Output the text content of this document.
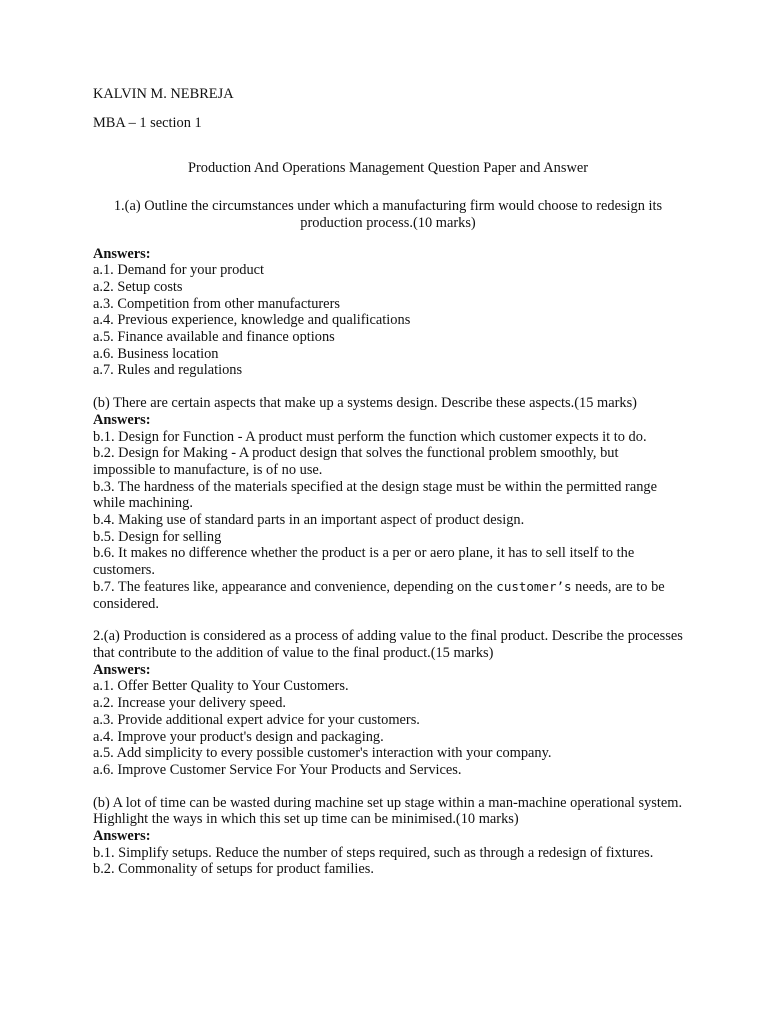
KALVIN M. NEBREJA
MBA – 1 section 1
Production And Operations Management Question Paper and Answer
1.(a) Outline the circumstances under which a manufacturing firm would choose to redesign its production process.(10 marks)
Answers:
a.1. Demand for your product
a.2. Setup costs
a.3. Competition from other manufacturers
a.4. Previous experience, knowledge and qualifications
a.5. Finance available and finance options
a.6. Business location
a.7. Rules and regulations
(b) There are certain aspects that make up a systems design. Describe these aspects.(15 marks)
Answers:
b.1. Design for Function - A product must perform the function which customer expects it to do.
b.2. Design for Making - A product design that solves the functional problem smoothly, but impossible to manufacture, is of no use.
b.3. The hardness of the materials specified at the design stage must be within the permitted range while machining.
b.4. Making use of standard parts in an important aspect of product design.
b.5. Design for selling
b.6. It makes no difference whether the product is a per or aero plane, it has to sell itself to the customers.
b.7. The features like, appearance and convenience, depending on the customer’s needs, are to be considered.
2.(a) Production is considered as a process of adding value to the final product. Describe the processes that contribute to the addition of value to the final product.(15 marks)
Answers:
a.1. Offer Better Quality to Your Customers.
a.2. Increase your delivery speed.
a.3. Provide additional expert advice for your customers.
a.4. Improve your product's design and packaging.
a.5. Add simplicity to every possible customer's interaction with your company.
a.6. Improve Customer Service For Your Products and Services.
(b) A lot of time can be wasted during machine set up stage within a man-machine operational system. Highlight the ways in which this set up time can be minimised.(10 marks)
Answers:
b.1. Simplify setups. Reduce the number of steps required, such as through a redesign of fixtures.
b.2. Commonality of setups for product families.
